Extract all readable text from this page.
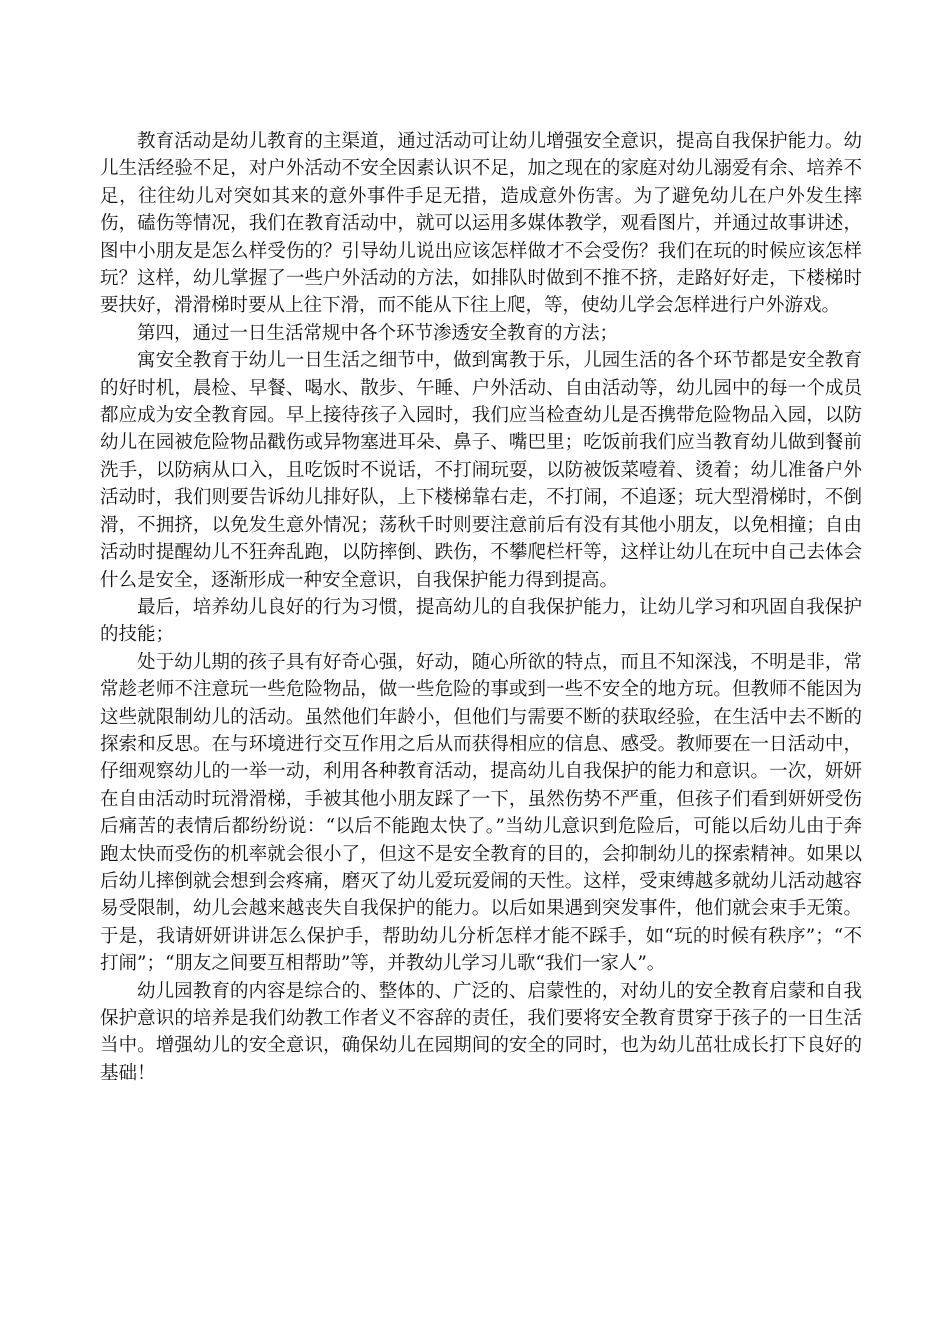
教育活动是幼儿教育的主渠道，通过活动可让幼儿增强安全意识，提高自我保护能力。幼儿生活经验不足，对户外活动不安全因素认识不足，加之现在的家庭对幼儿溺爱有余、培养不足，往往幼儿对突如其来的意外事件手足无措，造成意外伤害。为了避免幼儿在户外发生摔伤，磕伤等情况，我们在教育活动中，就可以运用多媒体教学，观看图片，并通过故事讲述，图中小朋友是怎么样受伤的？引导幼儿说出应该怎样做才不会受伤？我们在玩的时候应该怎样玩？这样，幼儿掌握了一些户外活动的方法，如排队时做到不推不挤，走路好好走，下楼梯时要扶好，滑滑梯时要从上往下滑，而不能从下往上爬，等，使幼儿学会怎样进行户外游戏。

第四，通过一日生活常规中各个环节渗透安全教育的方法；

寓安全教育于幼儿一日生活之细节中，做到寓教于乐，儿园生活的各个环节都是安全教育的好时机，晨检、早餐、喝水、散步、午睡、户外活动、自由活动等，幼儿园中的每一个成员都应成为安全教育园。早上接待孩子入园时，我们应当检查幼儿是否携带危险物品入园，以防幼儿在园被危险物品戳伤或异物塞进耳朵、鼻子、嘴巴里；吃饭前我们应当教育幼儿做到餐前洗手，以防病从口入，且吃饭时不说话，不打闹玩耍，以防被饭菜噎着、烫着；幼儿准备户外活动时，我们则要告诉幼儿排好队，上下楼梯靠右走，不打闹，不追逐；玩大型滑梯时，不倒滑，不拥挤，以免发生意外情况；荡秋千时则要注意前后有没有其他小朋友，以免相撞；自由活动时提醒幼儿不狂奔乱跑，以防摔倒、跌伤，不攀爬栏杆等，这样让幼儿在玩中自己去体会什么是安全，逐渐形成一种安全意识，自我保护能力得到提高。

最后，培养幼儿良好的行为习惯，提高幼儿的自我保护能力，让幼儿学习和巩固自我保护的技能；

处于幼儿期的孩子具有好奇心强，好动，随心所欲的特点，而且不知深浅，不明是非，常常趁老师不注意玩一些危险物品，做一些危险的事或到一些不安全的地方玩。但教师不能因为这些就限制幼儿的活动。虽然他们年龄小，但他们与需要不断的获取经验，在生活中去不断的探索和反思。在与环境进行交互作用之后从而获得相应的信息、感受。教师要在一日活动中，仔细观察幼儿的一举一动，利用各种教育活动，提高幼儿自我保护的能力和意识。一次，妍妍在自由活动时玩滑滑梯，手被其他小朋友踩了一下，虽然伤势不严重，但孩子们看到妍妍受伤后痛苦的表情后都纷纷说：“以后不能跑太快了。”当幼儿意识到危险后，可能以后幼儿由于奔跑太快而受伤的机率就会很小了，但这不是安全教育的目的，会抑制幼儿的探索精神。如果以后幼儿摔倒就会想到会疼痛，磨灭了幼儿爱玩爱闹的天性。这样，受束缚越多就幼儿活动越容易受限制，幼儿会越来越丧失自我保护的能力。以后如果遇到突发事件，他们就会束手无策。于是，我请妍妍讲讲怎么保护手，帮助幼儿分析怎样才能不踩手，如“玩的时候有秩序”；“不打闹”；“朋友之间要互相帮助”等，并教幼儿学习儿歌“我们一家人”。

幼儿园教育的内容是综合的、整体的、广泛的、启蒙性的，对幼儿的安全教育启蒙和自我保护意识的培养是我们幼教工作者义不容辞的责任，我们要将安全教育贯穿于孩子的一日生活当中。增强幼儿的安全意识，确保幼儿在园期间的安全的同时，也为幼儿茁壮成长打下良好的基础！
